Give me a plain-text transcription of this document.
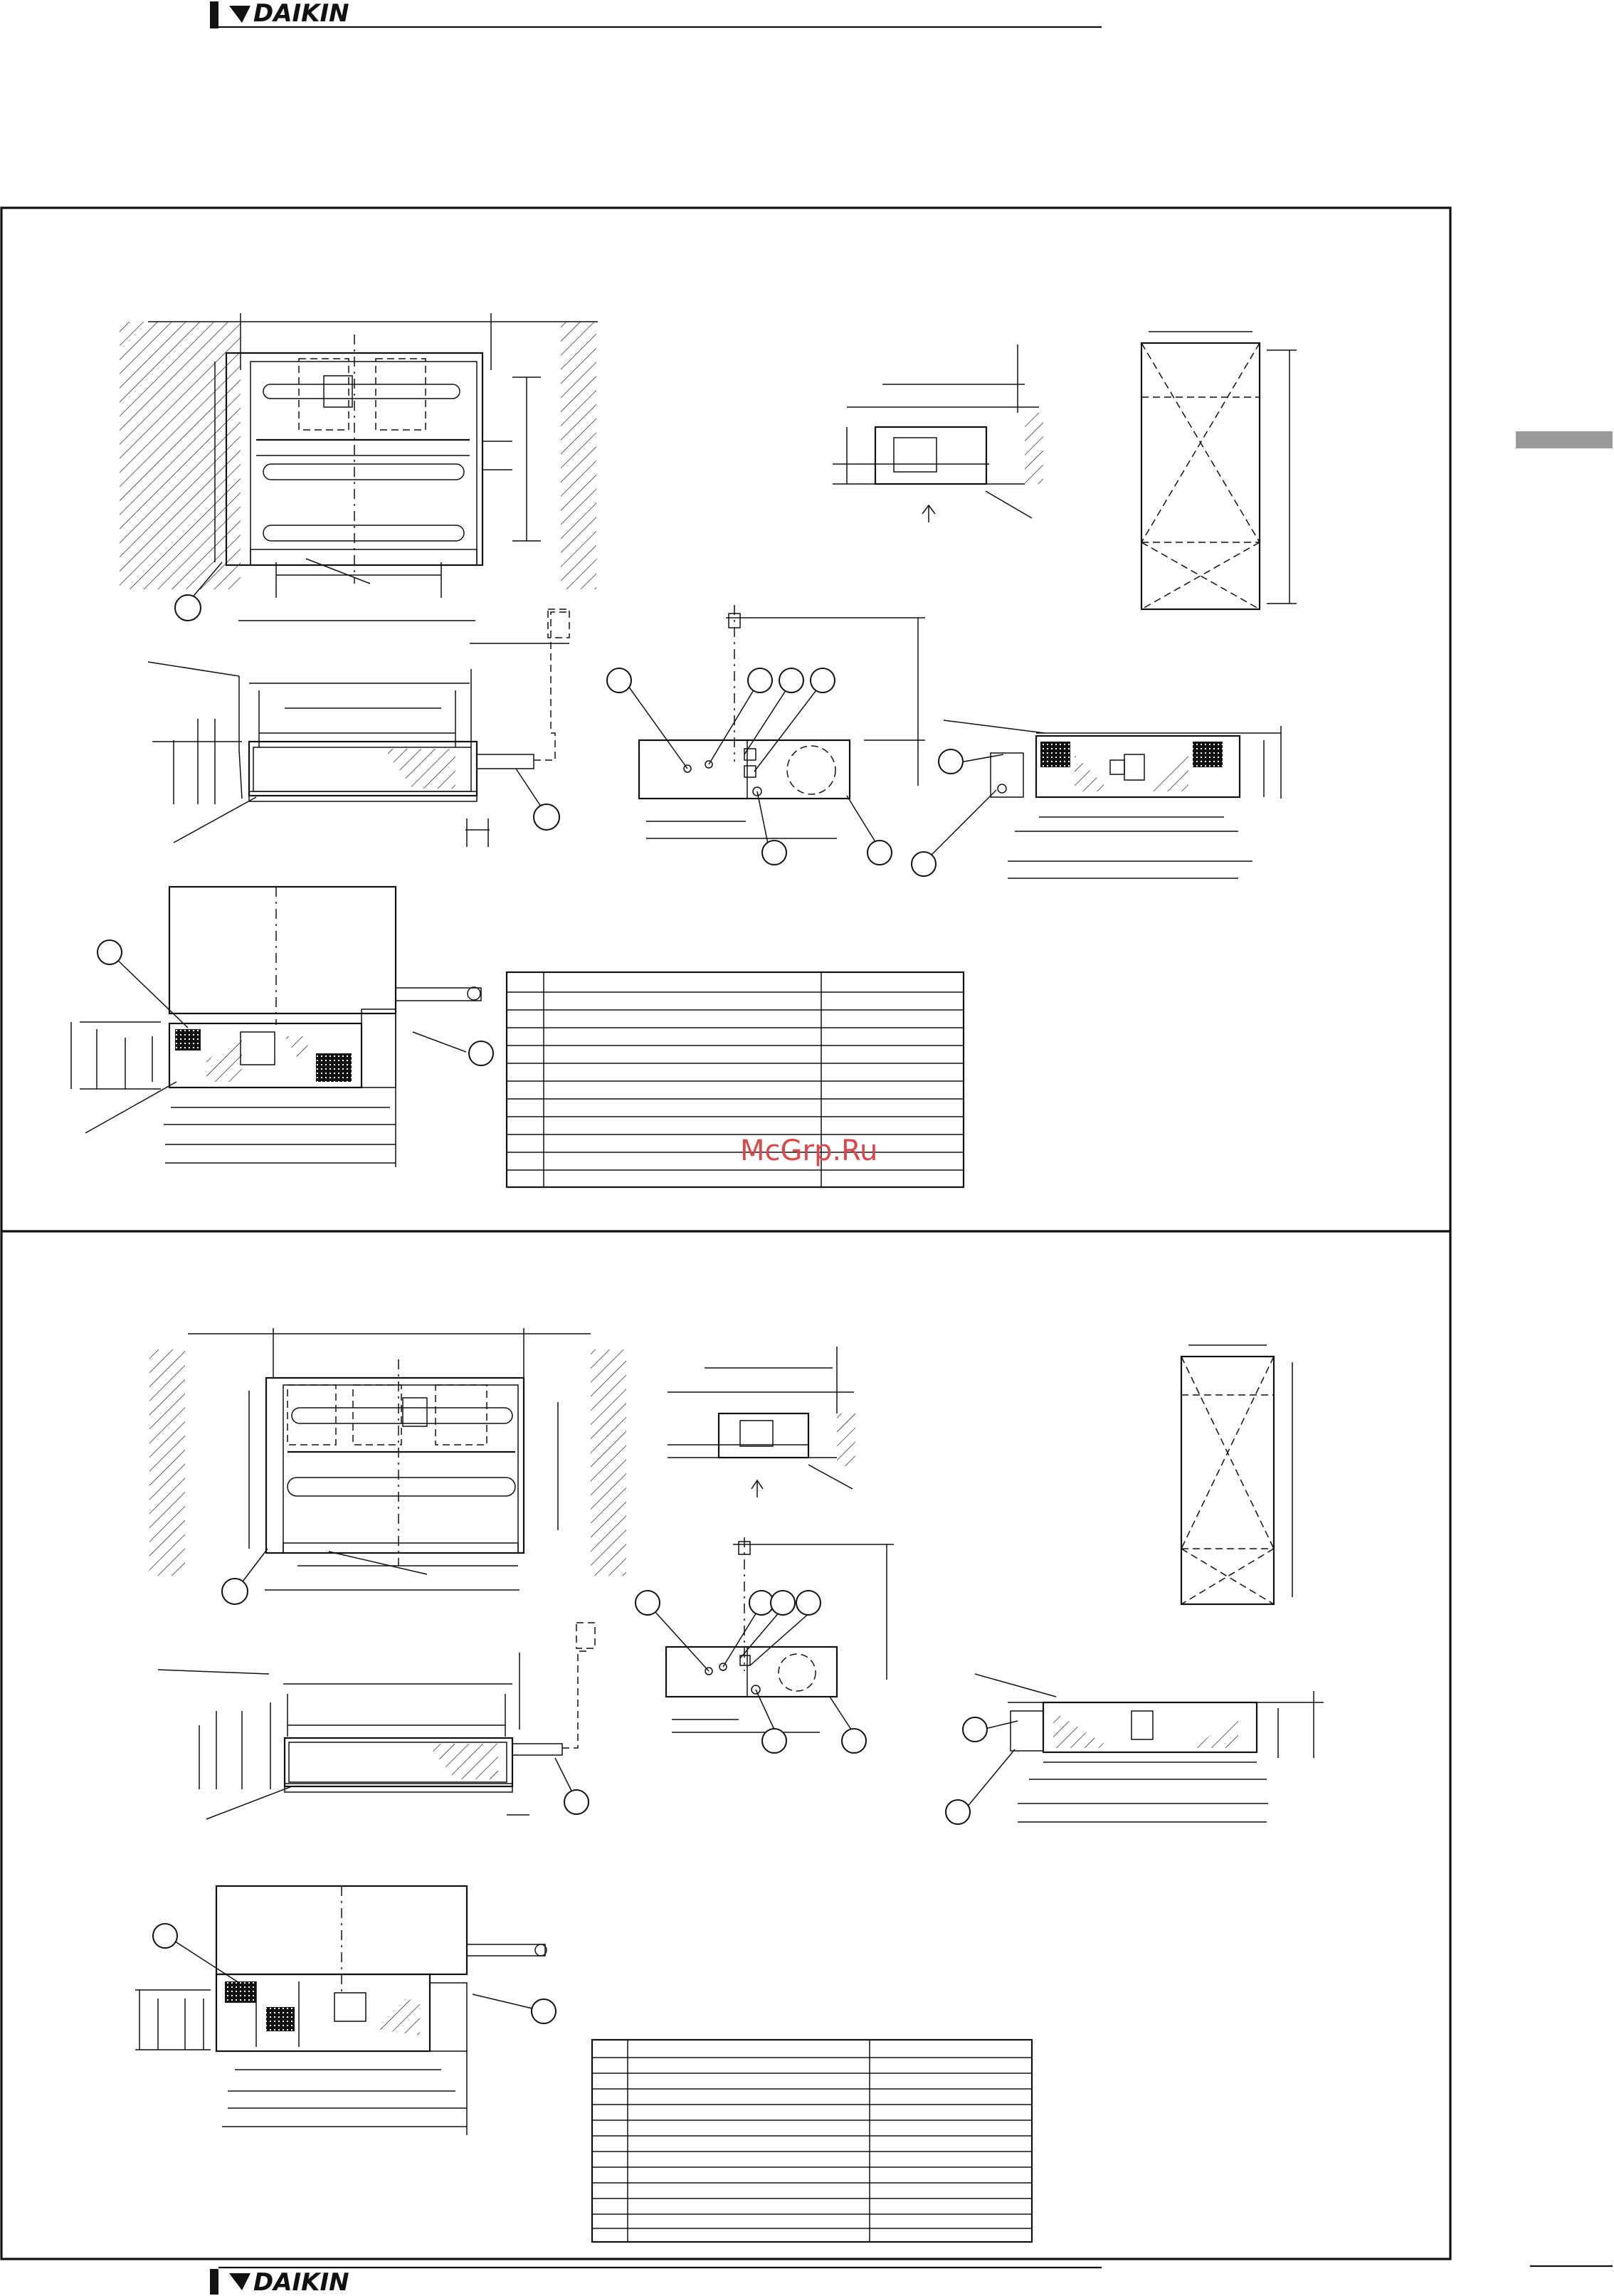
DAIKIN
McGrp.Ru
DAIKIN
